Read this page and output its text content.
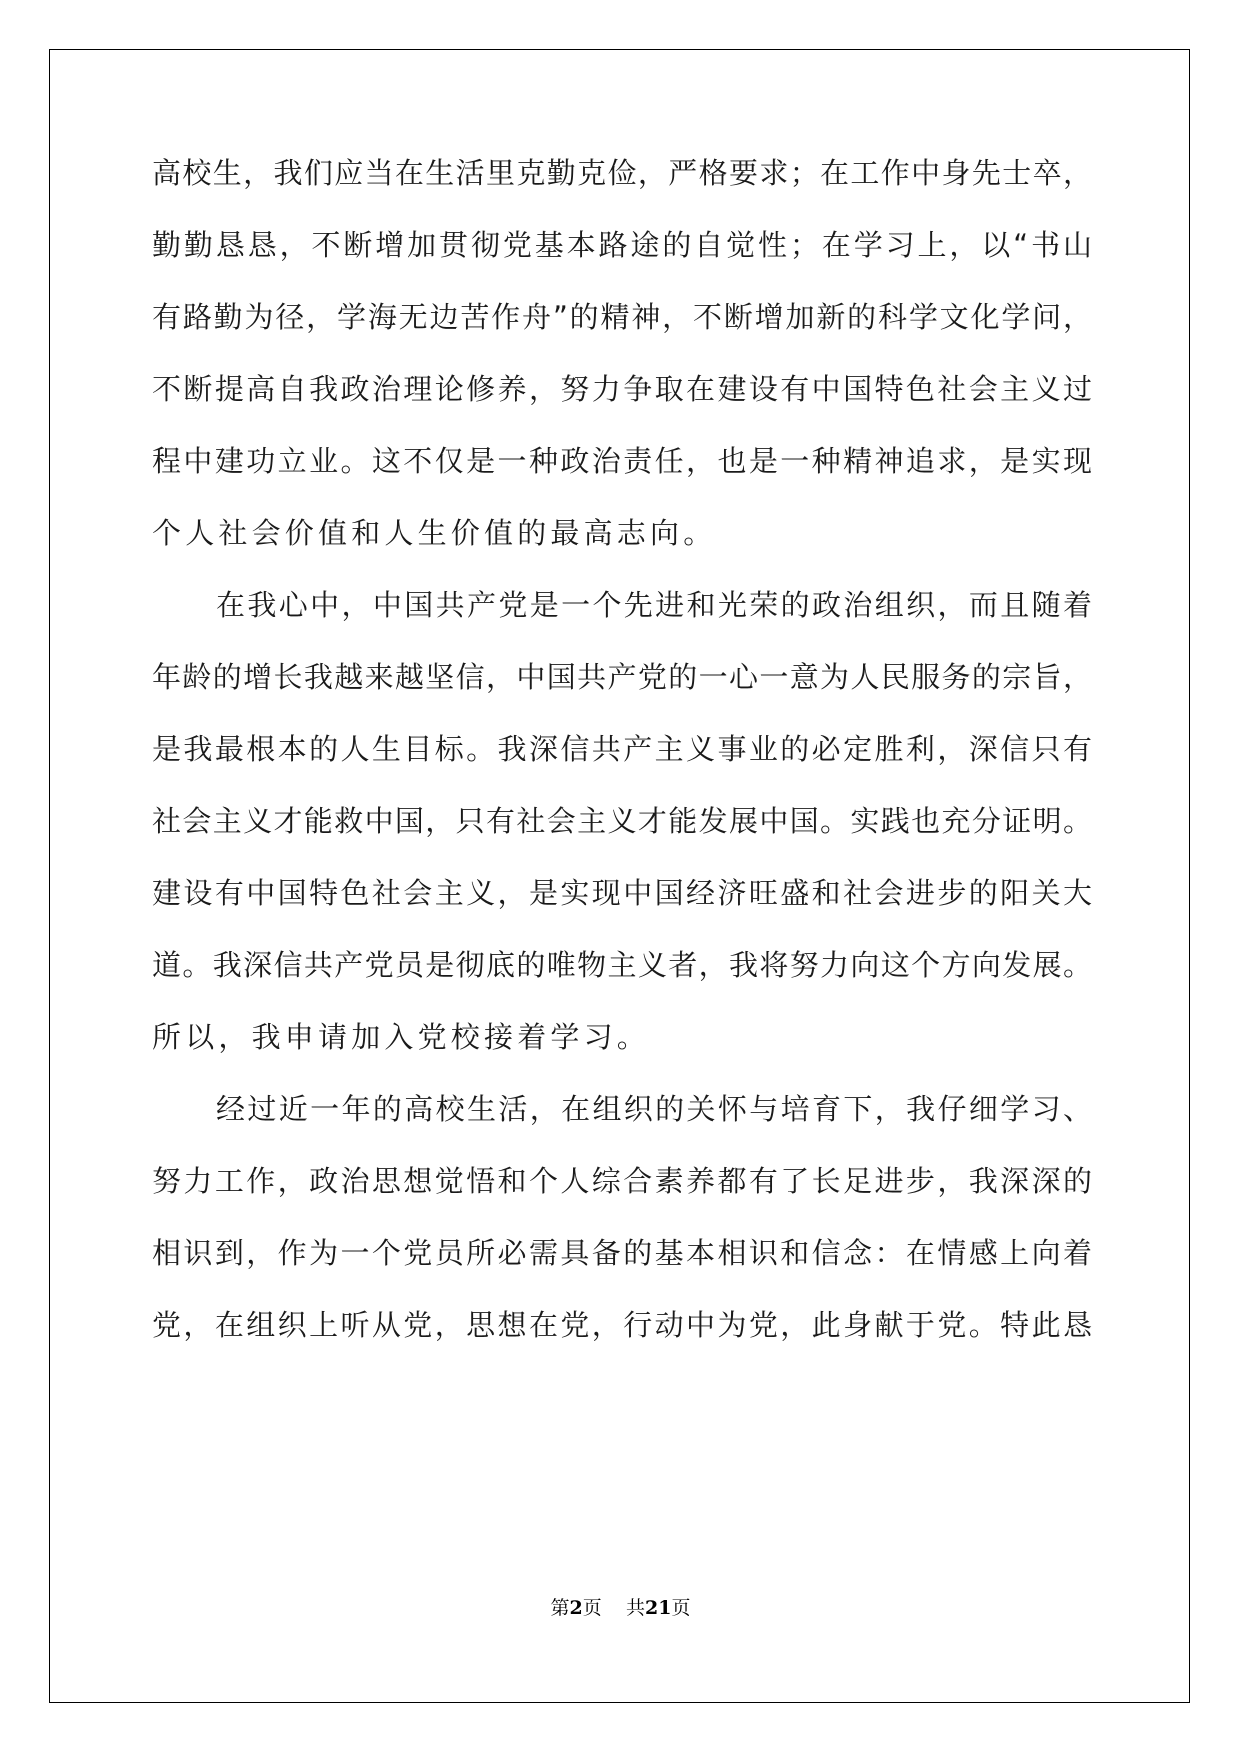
高校生，我们应当在生活里克勤克俭，严格要求；在工作中身先士卒，
勤勤恳恳，不断增加贯彻党基本路途的自觉性；在学习上，以“书山
有路勤为径，学海无边苦作舟”的精神，不断增加新的科学文化学问，
不断提高自我政治理论修养，努力争取在建设有中国特色社会主义过
程中建功立业。这不仅是一种政治责任，也是一种精神追求，是实现
个人社会价值和人生价值的最高志向。
在我心中，中国共产党是一个先进和光荣的政治组织，而且随着
年龄的增长我越来越坚信，中国共产党的一心一意为人民服务的宗旨，
是我最根本的人生目标。我深信共产主义事业的必定胜利，深信只有
社会主义才能救中国，只有社会主义才能发展中国。实践也充分证明。
建设有中国特色社会主义，是实现中国经济旺盛和社会进步的阳关大
道。我深信共产党员是彻底的唯物主义者，我将努力向这个方向发展。
所以，我申请加入党校接着学习。
经过近一年的高校生活，在组织的关怀与培育下，我仔细学习、
努力工作，政治思想觉悟和个人综合素养都有了长足进步，我深深的
相识到，作为一个党员所必需具备的基本相识和信念：在情感上向着
党，在组织上听从党，思想在党，行动中为党，此身献于党。特此恳
第2页 共21页
